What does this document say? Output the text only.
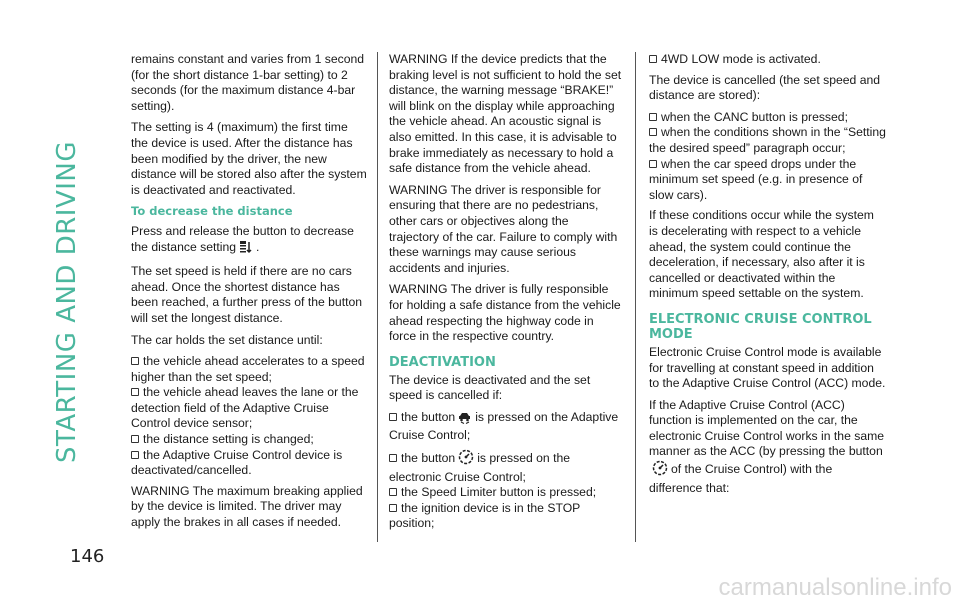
STARTING AND DRIVING
146

remains constant and varies from 1 second (for the short distance 1-bar setting) to 2 seconds (for the maximum distance 4-bar setting).

The setting is 4 (maximum) the first time the device is used. After the distance has been modified by the driver, the new distance will be stored also after the system is deactivated and reactivated.

To decrease the distance

Press and release the button to decrease the distance setting .

The set speed is held if there are no cars ahead. Once the shortest distance has been reached, a further press of the button will set the longest distance.

The car holds the set distance until:

the vehicle ahead accelerates to a speed higher than the set speed;
the vehicle ahead leaves the lane or the detection field of the Adaptive Cruise Control device sensor;
the distance setting is changed;
the Adaptive Cruise Control device is deactivated/cancelled.

WARNING The maximum breaking applied by the device is limited. The driver may apply the brakes in all cases if needed.

WARNING If the device predicts that the braking level is not sufficient to hold the set distance, the warning message “BRAKE!” will blink on the display while approaching the vehicle ahead. An acoustic signal is also emitted. In this case, it is advisable to brake immediately as necessary to hold a safe distance from the vehicle ahead.

WARNING The driver is responsible for ensuring that there are no pedestrians, other cars or objectives along the trajectory of the car. Failure to comply with these warnings may cause serious accidents and injuries.

WARNING The driver is fully responsible for holding a safe distance from the vehicle ahead respecting the highway code in force in the respective country.

DEACTIVATION

The device is deactivated and the set speed is cancelled if:

the button is pressed on the Adaptive Cruise Control;
the button is pressed on the electronic Cruise Control;
the Speed Limiter button is pressed;
the ignition device is in the STOP position;
4WD LOW mode is activated.

The device is cancelled (the set speed and distance are stored):

when the CANC button is pressed;
when the conditions shown in the “Setting the desired speed” paragraph occur;
when the car speed drops under the minimum set speed (e.g. in presence of slow cars).

If these conditions occur while the system is decelerating with respect to a vehicle ahead, the system could continue the deceleration, if necessary, also after it is cancelled or deactivated within the minimum speed settable on the system.

ELECTRONIC CRUISE CONTROL MODE

Electronic Cruise Control mode is available for travelling at constant speed in addition to the Adaptive Cruise Control (ACC) mode.

If the Adaptive Cruise Control (ACC) function is implemented on the car, the electronic Cruise Control works in the same manner as the ACC (by pressing the buttonof the Cruise Control) with the difference that:

carmanualsonline.info
